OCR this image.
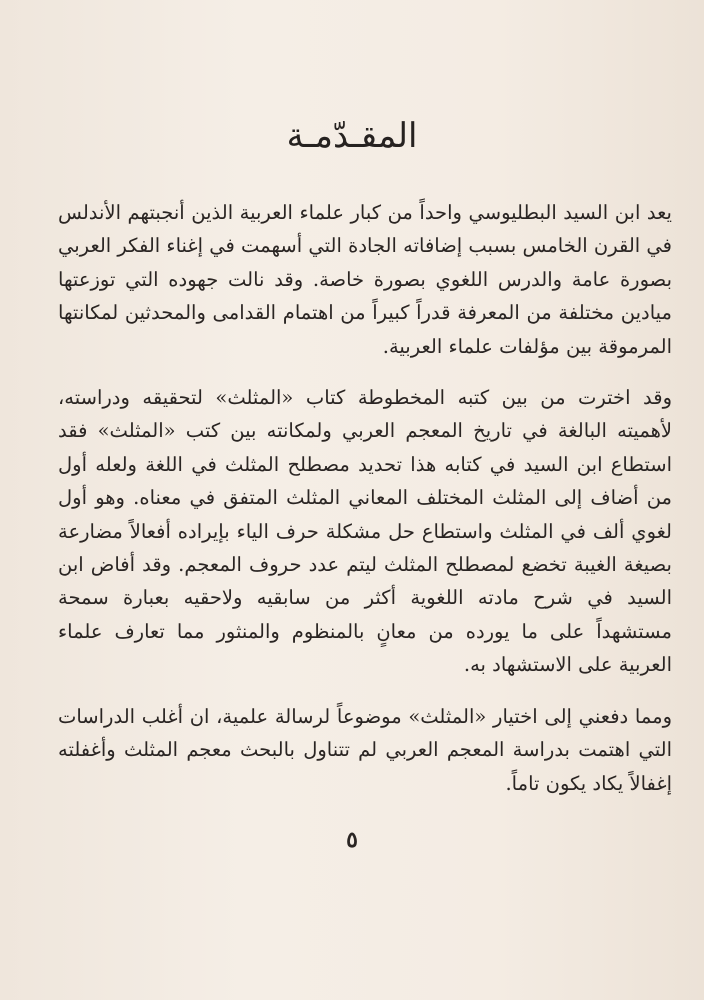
المقـدّمـة

يعد ابن السيد البطليوسي واحداً من كبار علماء العربية الذين أنجبتهم الأندلس في القرن الخامس بسبب إضافاته الجادة التي أسهمت في إغناء الفكر العربي بصورة عامة والدرس اللغوي بصورة خاصة. وقد نالت جهوده التي توزعتها ميادين مختلفة من المعرفة قدراً كبيراً من اهتمام القدامى والمحدثين لمكانتها المرموقة بين مؤلفات علماء العربية.

وقد اخترت من بين كتبه المخطوطة كتاب «المثلث» لتحقيقه ودراسته، لأهميته البالغة في تاريخ المعجم العربي ولمكانته بين كتب «المثلث» فقد استطاع ابن السيد في كتابه هذا تحديد مصطلح المثلث في اللغة ولعله أول من أضاف إلى المثلث المختلف المعاني المثلث المتفق في معناه. وهو أول لغوي ألف في المثلث واستطاع حل مشكلة حرف الياء بإيراده أفعالاً مضارعة بصيغة الغيبة تخضع لمصطلح المثلث ليتم عدد حروف المعجم. وقد أفاض ابن السيد في شرح مادته اللغوية أكثر من سابقيه ولاحقيه بعبارة سمحة مستشهداً على ما يورده من معانٍ بالمنظوم والمنثور مما تعارف علماء العربية على الاستشهاد به.

ومما دفعني إلى اختيار «المثلث» موضوعاً لرسالة علمية، ان أغلب الدراسات التي اهتمت بدراسة المعجم العربي لم تتناول بالبحث معجم المثلث وأغفلته إغفالاً يكاد يكون تاماً.

٥
